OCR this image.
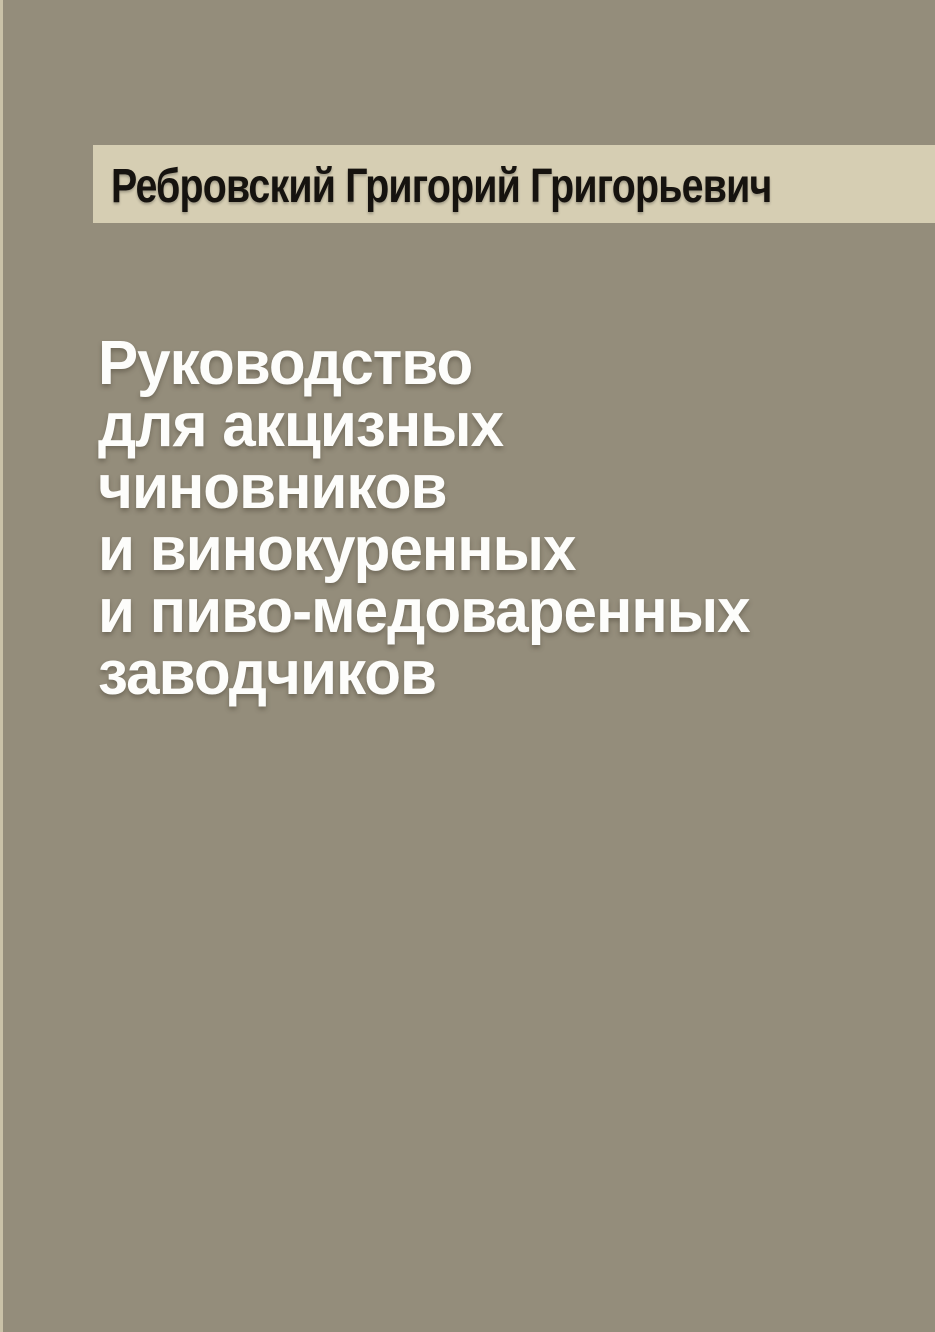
Ребровский Григорий Григорьевич
Руководство
для акцизных
чиновников
и винокуренных
и пиво-медоваренных
заводчиков
